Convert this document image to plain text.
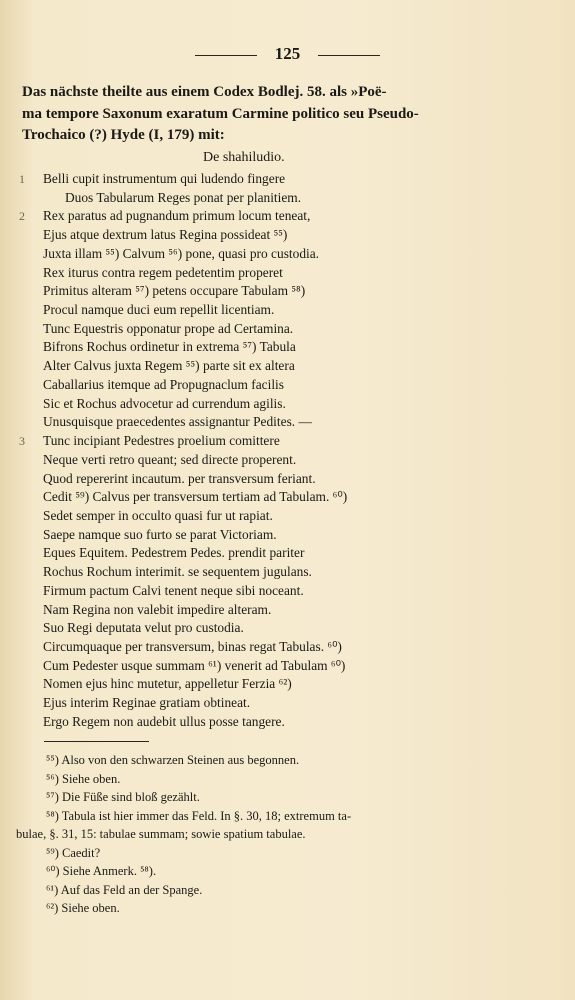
125
Das nächste theilte aus einem Codex Bodlej. 58. als »Poë-
ma tempore Saxonum exaratum Carmine politico seu Pseudo-
Trochaico (?) Hyde (I, 179) mit:
De shahiludio.
1 Belli cupit instrumentum qui ludendo fingere
Duos Tabularum Reges ponat per planitiem.
2 Rex paratus ad pugnandum primum locum teneat,
Ejus atque dextrum latus Regina possideat ⁵⁵)
Juxta illam ⁵⁵) Calvum ⁵⁶) pone, quasi pro custodia.
Rex iturus contra regem pedetentim properet
Primitus alteram ⁵⁷) petens occupare Tabulam ⁵⁸)
Procul namque duci eum repellit licentiam.
Tunc Equestris opponatur prope ad Certamina.
Bifrons Rochus ordinetur in extrema ⁵⁷) Tabula
Alter Calvus juxta Regem ⁵⁵) parte sit ex altera
Caballarius itemque ad Propugnaclum facilis
Sic et Rochus advocetur ad currendum agilis.
Unusquisque praecedentes assignantur Pedites. —
3 Tunc incipiant Pedestres proelium comittere
Neque verti retro queant; sed directe properent.
Quod repererint incautum. per transversum feriant.
Cedit ⁵⁹) Calvus per transversum tertiam ad Tabulam. ⁶⁰)
Sedet semper in occulto quasi fur ut rapiat.
Saepe namque suo furto se parat Victoriam.
Eques Equitem. Pedestrem Pedes. prendit pariter
Rochus Rochum interimit. se sequentem jugulans.
Firmum pactum Calvi tenent neque sibi noceant.
Nam Regina non valebit impedire alteram.
Suo Regi deputata velut pro custodia.
Circumquaque per transversum, binas regat Tabulas. ⁶⁰)
Cum Pedester usque summam ⁶¹) venerit ad Tabulam ⁶⁰)
Nomen ejus hinc mutetur, appelletur Ferzia ⁶²)
Ejus interim Reginae gratiam obtineat.
Ergo Regem non audebit ullus posse tangere.
⁵⁵) Also von den schwarzen Steinen aus begonnen.
⁵⁶) Siehe oben.
⁵⁷) Die Füße sind bloß gezählt.
⁵⁸) Tabula ist hier immer das Feld. In §. 30, 18; extremum ta-
bulae, §. 31, 15: tabulae summam; sowie spatium tabulae.
⁵⁹) Caedit?
⁶⁰) Siehe Anmerk. ⁵⁸).
⁶¹) Auf das Feld an der Spange.
⁶²) Siehe oben.
